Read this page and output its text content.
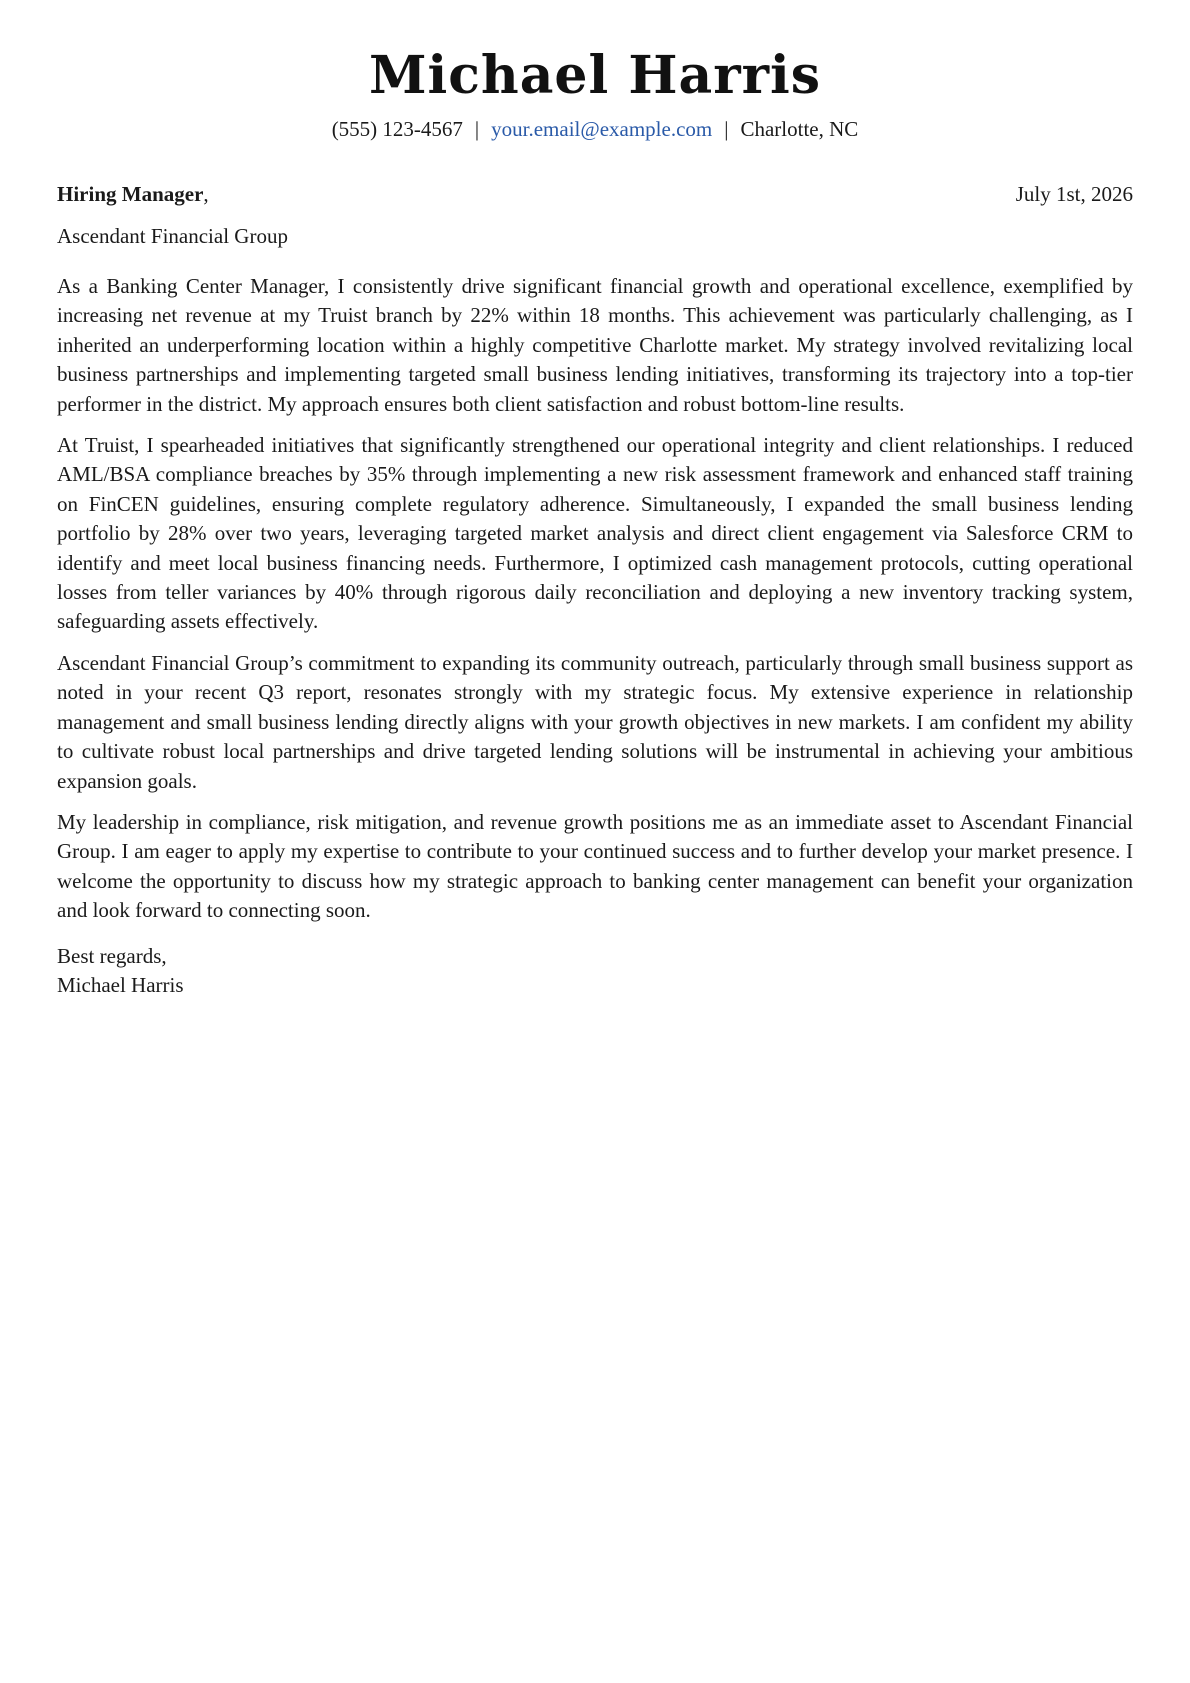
Michael Harris
(555) 123-4567 | your.email@example.com | Charlotte, NC
Hiring Manager,	July 1st, 2026
Ascendant Financial Group

As a Banking Center Manager, I consistently drive significant financial growth and operational excellence, exemplified by increasing net revenue at my Truist branch by 22% within 18 months. This achievement was particularly challenging, as I inherited an underperforming location within a highly competitive Charlotte market. My strategy involved revitalizing local business partnerships and implementing targeted small business lending initiatives, transforming its trajectory into a top-tier performer in the district. My approach ensures both client satisfaction and robust bottom-line results.

At Truist, I spearheaded initiatives that significantly strengthened our operational integrity and client relationships. I reduced AML/BSA compliance breaches by 35% through implementing a new risk assessment framework and enhanced staff training on FinCEN guidelines, ensuring complete regulatory adherence. Simultaneously, I expanded the small business lending portfolio by 28% over two years, leveraging targeted market analysis and direct client engagement via Salesforce CRM to identify and meet local business financing needs. Furthermore, I optimized cash management protocols, cutting operational losses from teller variances by 40% through rigorous daily reconciliation and deploying a new inventory tracking system, safeguarding assets effectively.

Ascendant Financial Group’s commitment to expanding its community outreach, particularly through small business support as noted in your recent Q3 report, resonates strongly with my strategic focus. My extensive experience in relationship management and small business lending directly aligns with your growth objectives in new markets. I am confident my ability to cultivate robust local partnerships and drive targeted lending solutions will be instrumental in achieving your ambitious expansion goals.

My leadership in compliance, risk mitigation, and revenue growth positions me as an immediate asset to Ascendant Financial Group. I am eager to apply my expertise to contribute to your continued success and to further develop your market presence. I welcome the opportunity to discuss how my strategic approach to banking center management can benefit your organization and look forward to connecting soon.

Best regards,
Michael Harris
